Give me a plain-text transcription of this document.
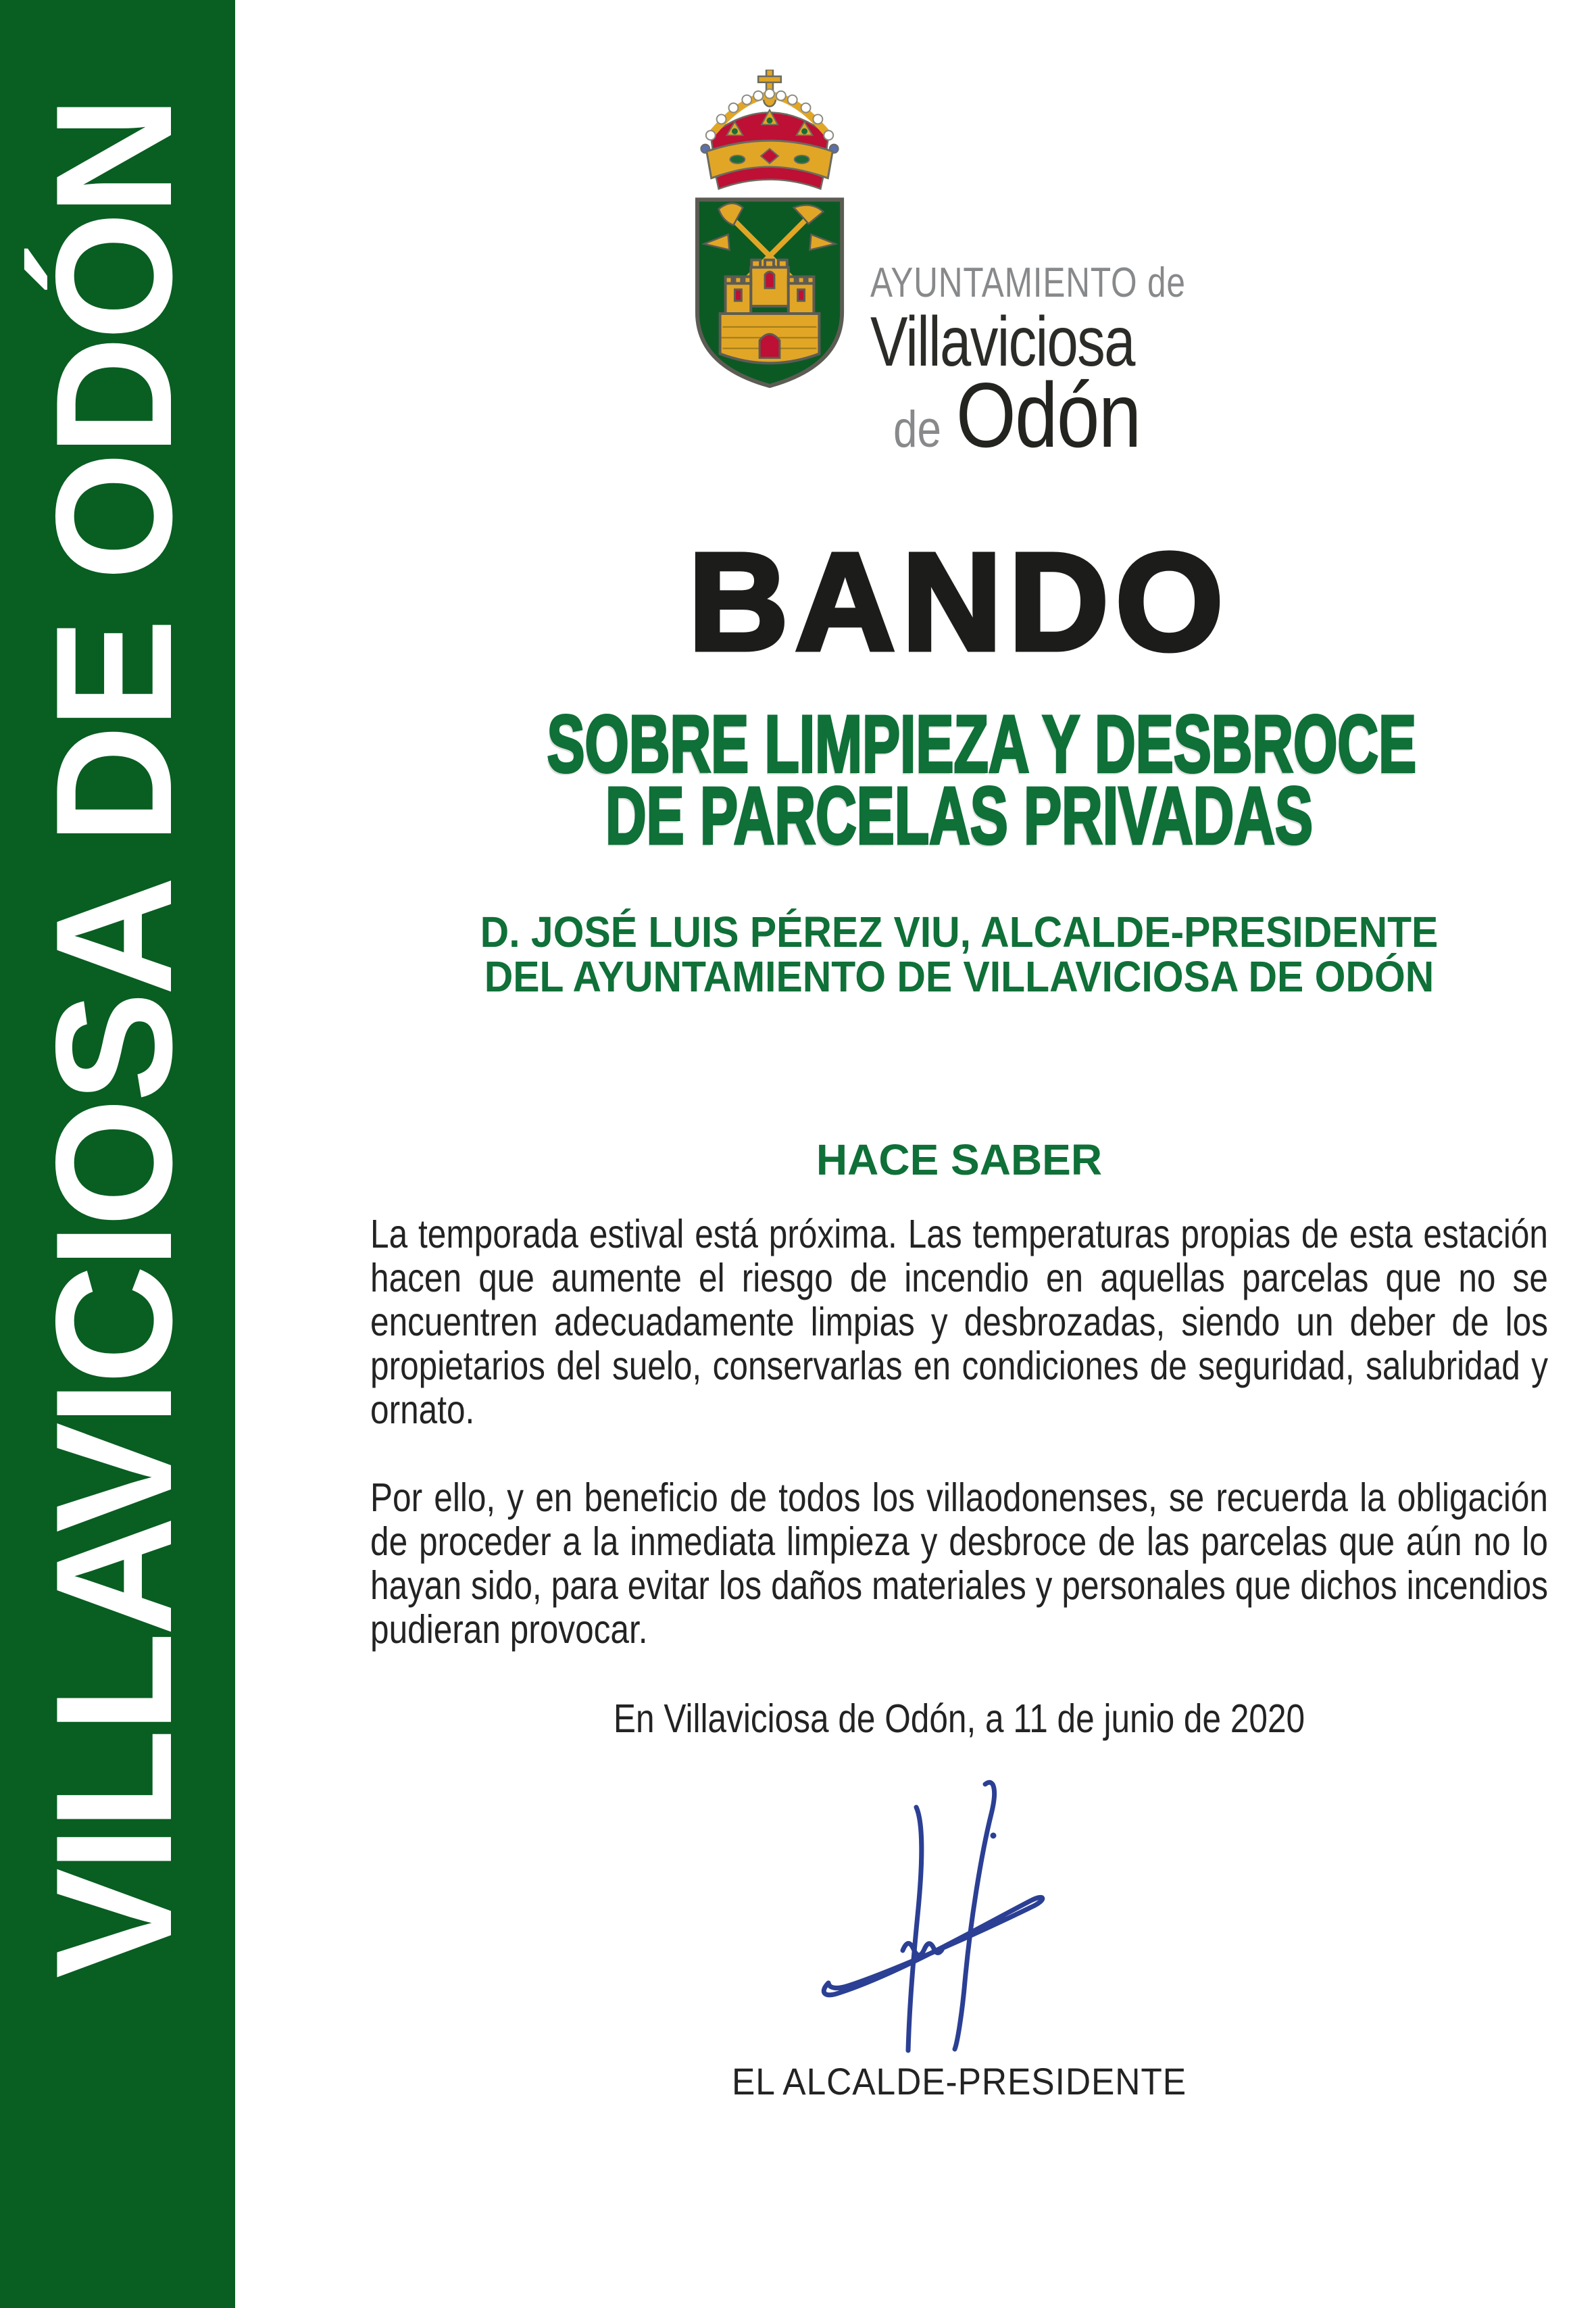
VILLAVICIOSA DE ODÓN	AYUNTAMIENTO de
Villaviciosa
de Odón
BANDO
SOBRE LIMPIEZA Y DESBROCE
DE PARCELAS PRIVADAS
D. JOSÉ LUIS PÉREZ VIU, ALCALDE-PRESIDENTE
DEL AYUNTAMIENTO DE VILLAVICIOSA DE ODÓN
HACE SABER

La temporada estival está próxima. Las temperaturas propias de esta estación hacen que aumente el riesgo de incendio en aquellas parcelas que no se encuentren adecuadamente limpias y desbrozadas, siendo un deber de los propietarios del suelo, conservarlas en condiciones de seguridad, salubridad y ornato.

Por ello, y en beneficio de todos los villaodonenses, se recuerda la obligación de proceder a la inmediata limpieza y desbroce de las parcelas que aún no lo hayan sido, para evitar los daños materiales y personales que dichos incendios pudieran provocar.

En Villaviciosa de Odón, a 11 de junio de 2020
EL ALCALDE-PRESIDENTE
